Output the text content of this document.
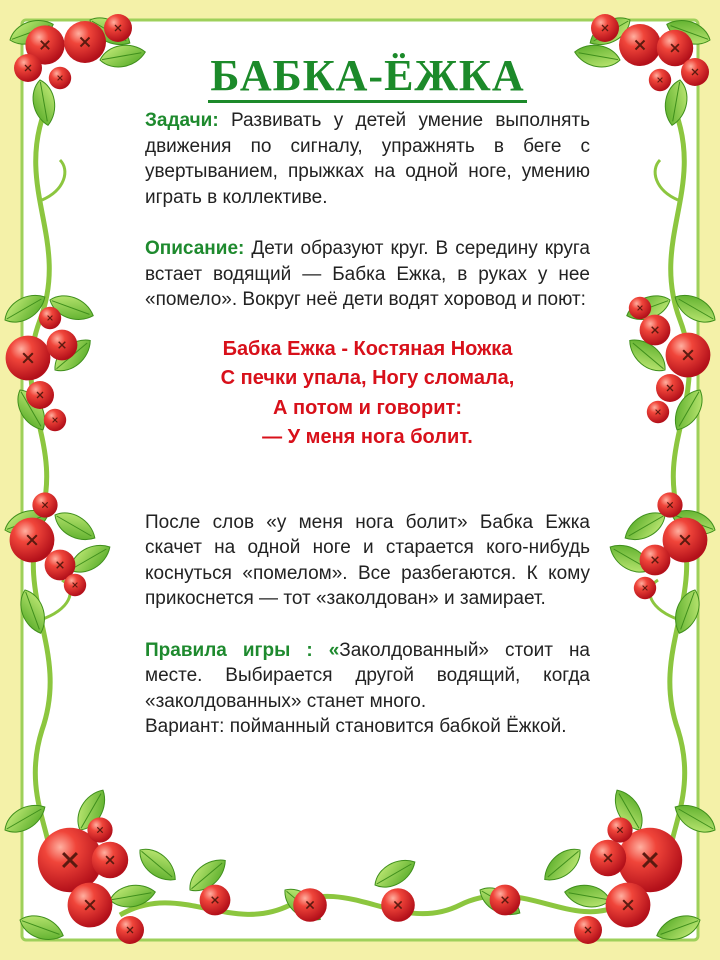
БАБКА-ЁЖКА

Задачи: Развивать у детей умение выполнять движения по сигналу, упражнять в беге с увертыванием, прыжках на одной ноге, умению играть в коллективе.

Описание: Дети образуют круг. В середину круга встает водящий — Бабка Ежка, в руках у нее «помело». Вокруг неё дети водят хоровод и поют:

Бабка Ежка - Костяная Ножка
С печки упала, Ногу сломала,
А потом и говорит:
— У меня нога болит.

После слов «у меня нога болит» Бабка Ежка скачет на одной ноге и старается кого-нибудь коснуться «помелом». Все разбегаются. К кому прикоснется — тот «заколдован» и замирает.

Правила игры : «Заколдованный» стоит на месте. Выбирается другой водящий, когда «заколдованных» станет много.

Вариант: пойманный становится бабкой Ёжкой.
